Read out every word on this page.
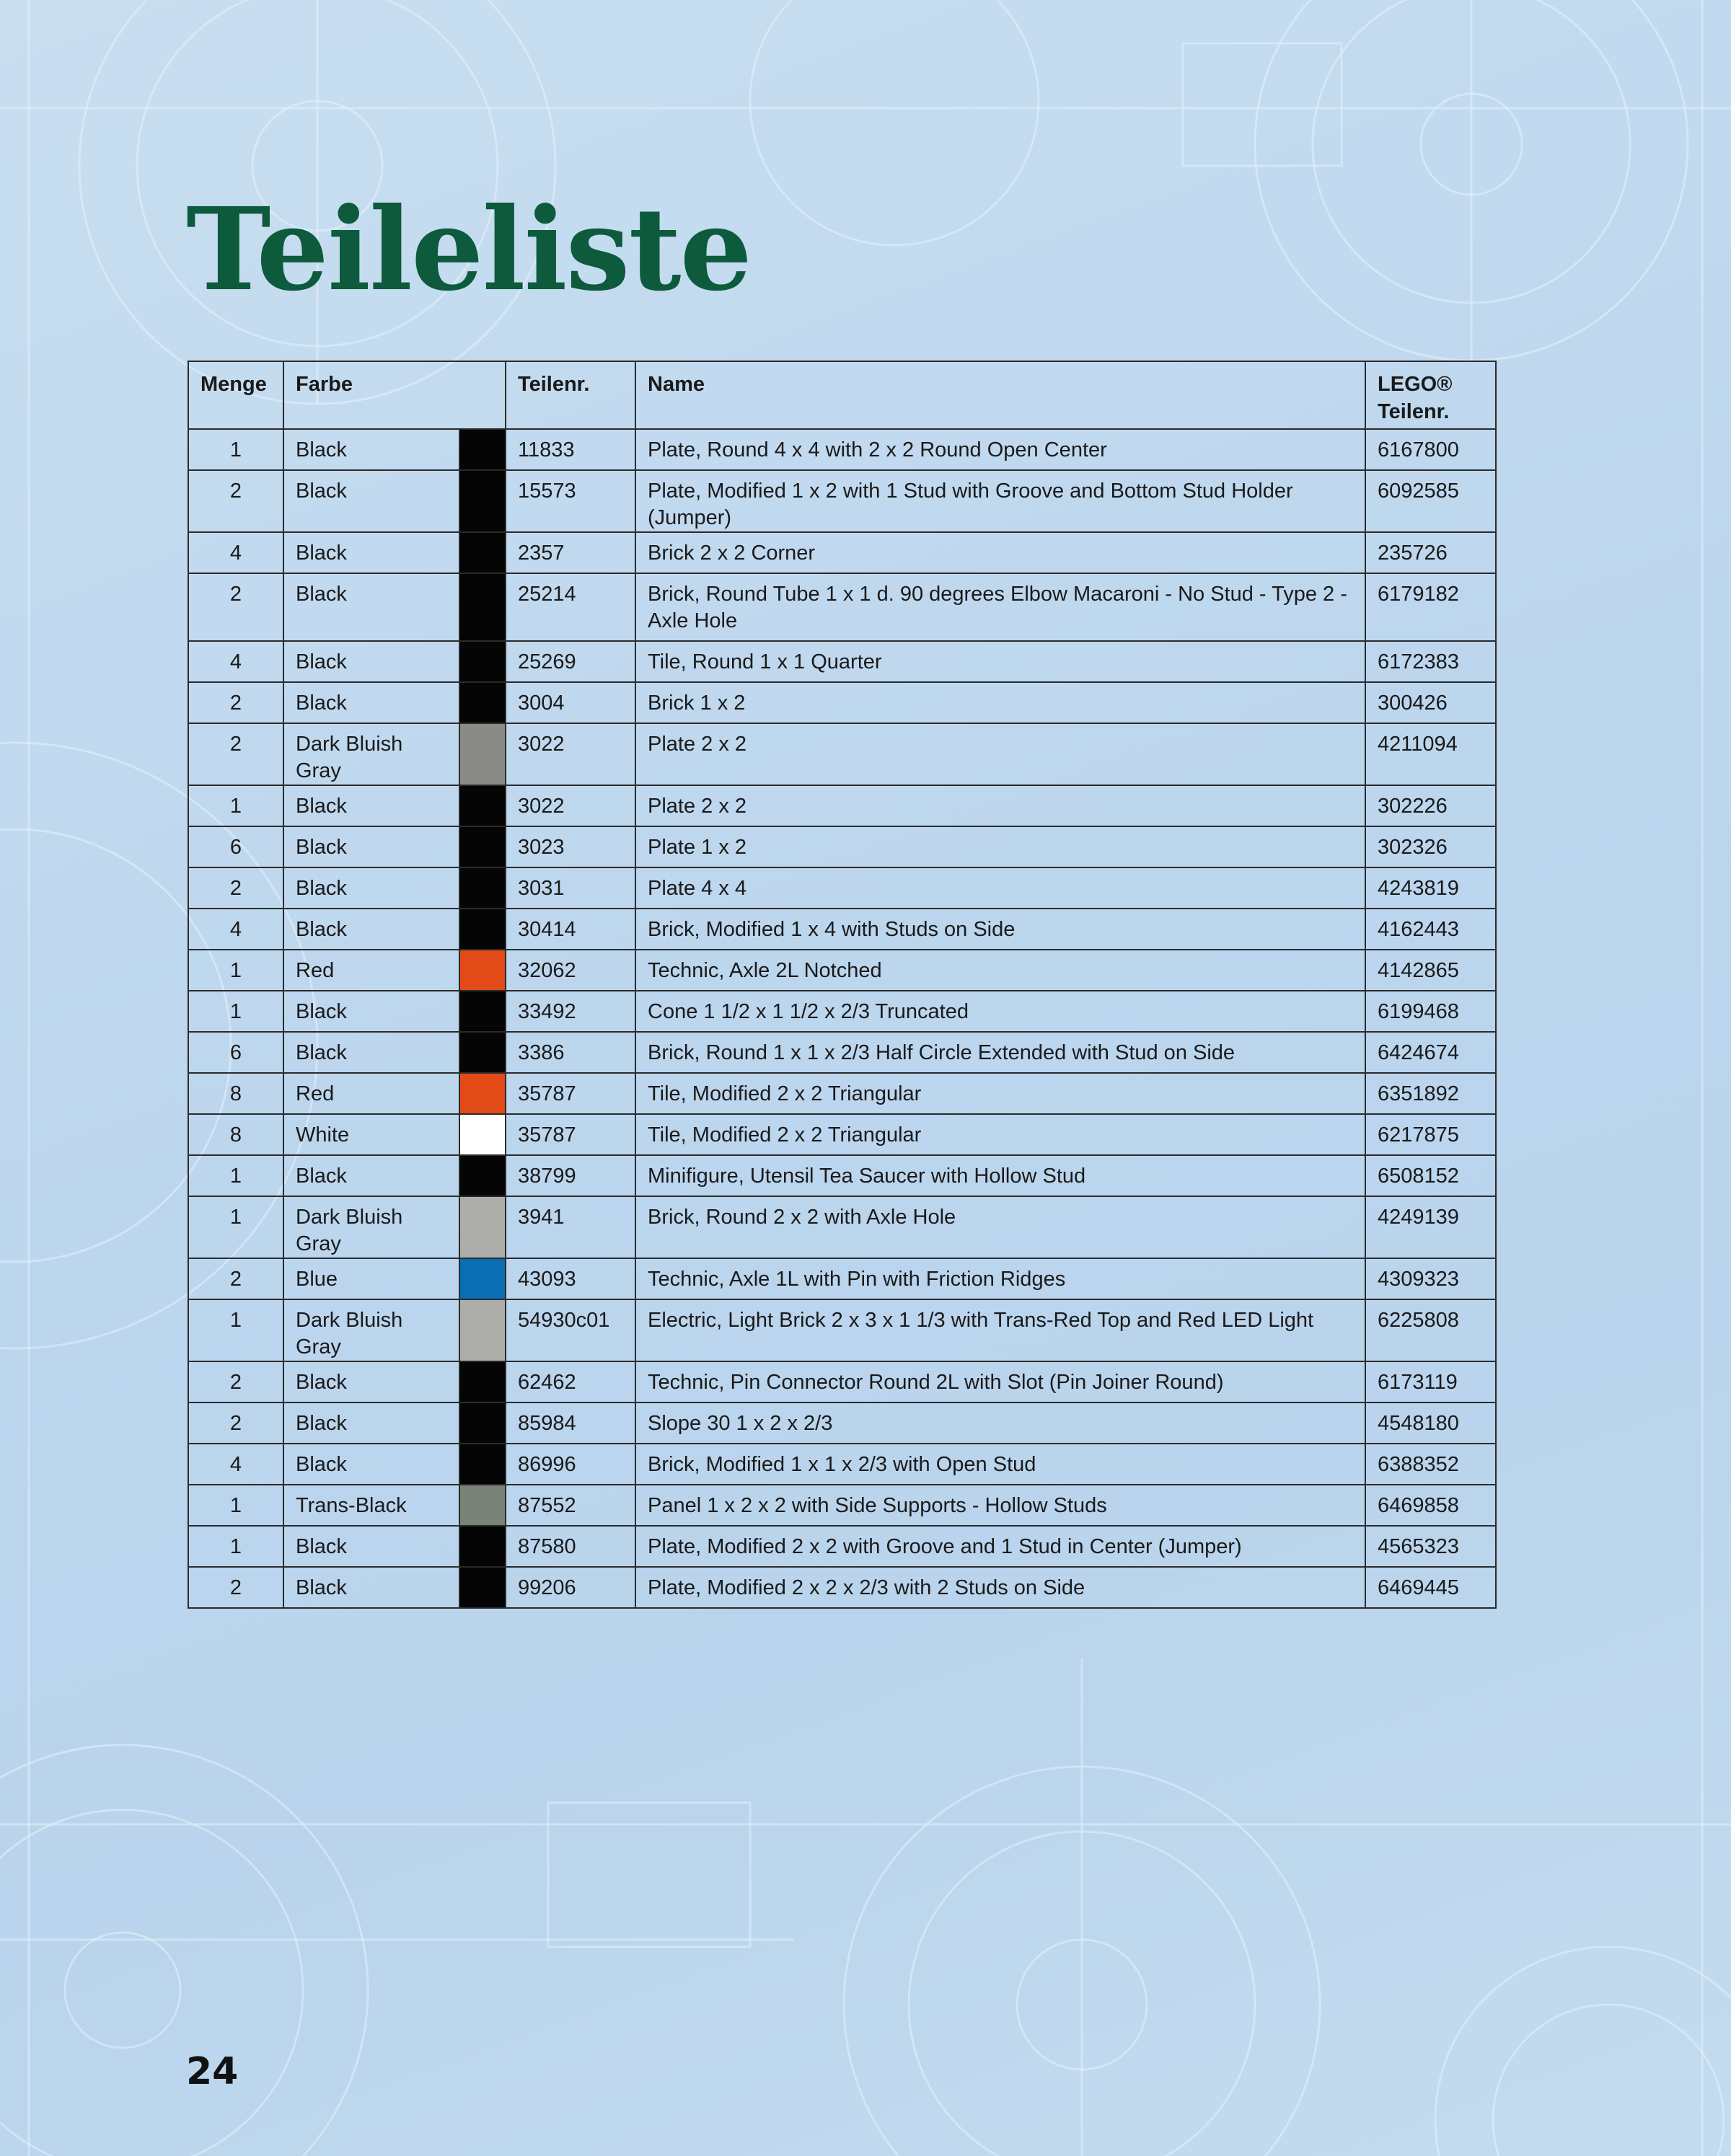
Teileliste
Menge	Farbe		Teilenr.	Name	LEGO®
Teilenr.
1	Black		11833	Plate, Round 4 x 4 with 2 x 2 Round Open Center	6167800
2	Black		15573	Plate, Modified 1 x 2 with 1 Stud with Groove and Bottom Stud Holder (Jumper)	6092585
4	Black		2357	Brick 2 x 2 Corner	235726
2	Black		25214	Brick, Round Tube 1 x 1 d. 90 degrees Elbow Macaroni - No Stud - Type 2 - Axle Hole	6179182
4	Black		25269	Tile, Round 1 x 1 Quarter	6172383
2	Black		3004	Brick 1 x 2	300426
2	Dark Bluish Gray		3022	Plate 2 x 2	4211094
1	Black		3022	Plate 2 x 2	302226
6	Black		3023	Plate 1 x 2	302326
2	Black		3031	Plate 4 x 4	4243819
4	Black		30414	Brick, Modified 1 x 4 with Studs on Side	4162443
1	Red		32062	Technic, Axle 2L Notched	4142865
1	Black		33492	Cone 1 1/2 x 1 1/2 x 2/3 Truncated	6199468
6	Black		3386	Brick, Round 1 x 1 x 2/3 Half Circle Extended with Stud on Side	6424674
8	Red		35787	Tile, Modified 2 x 2 Triangular	6351892
8	White		35787	Tile, Modified 2 x 2 Triangular	6217875
1	Black		38799	Minifigure, Utensil Tea Saucer with Hollow Stud	6508152
1	Dark Bluish Gray		3941	Brick, Round 2 x 2 with Axle Hole	4249139
2	Blue		43093	Technic, Axle 1L with Pin with Friction Ridges	4309323
1	Dark Bluish Gray		54930c01	Electric, Light Brick 2 x 3 x 1 1/3 with Trans-Red Top and Red LED Light	6225808
2	Black		62462	Technic, Pin Connector Round 2L with Slot (Pin Joiner Round)	6173119
2	Black		85984	Slope 30 1 x 2 x 2/3	4548180
4	Black		86996	Brick, Modified 1 x 1 x 2/3 with Open Stud	6388352
1	Trans-Black		87552	Panel 1 x 2 x 2 with Side Supports - Hollow Studs	6469858
1	Black		87580	Plate, Modified 2 x 2 with Groove and 1 Stud in Center (Jumper)	4565323
2	Black		99206	Plate, Modified 2 x 2 x 2/3 with 2 Studs on Side	6469445
24
